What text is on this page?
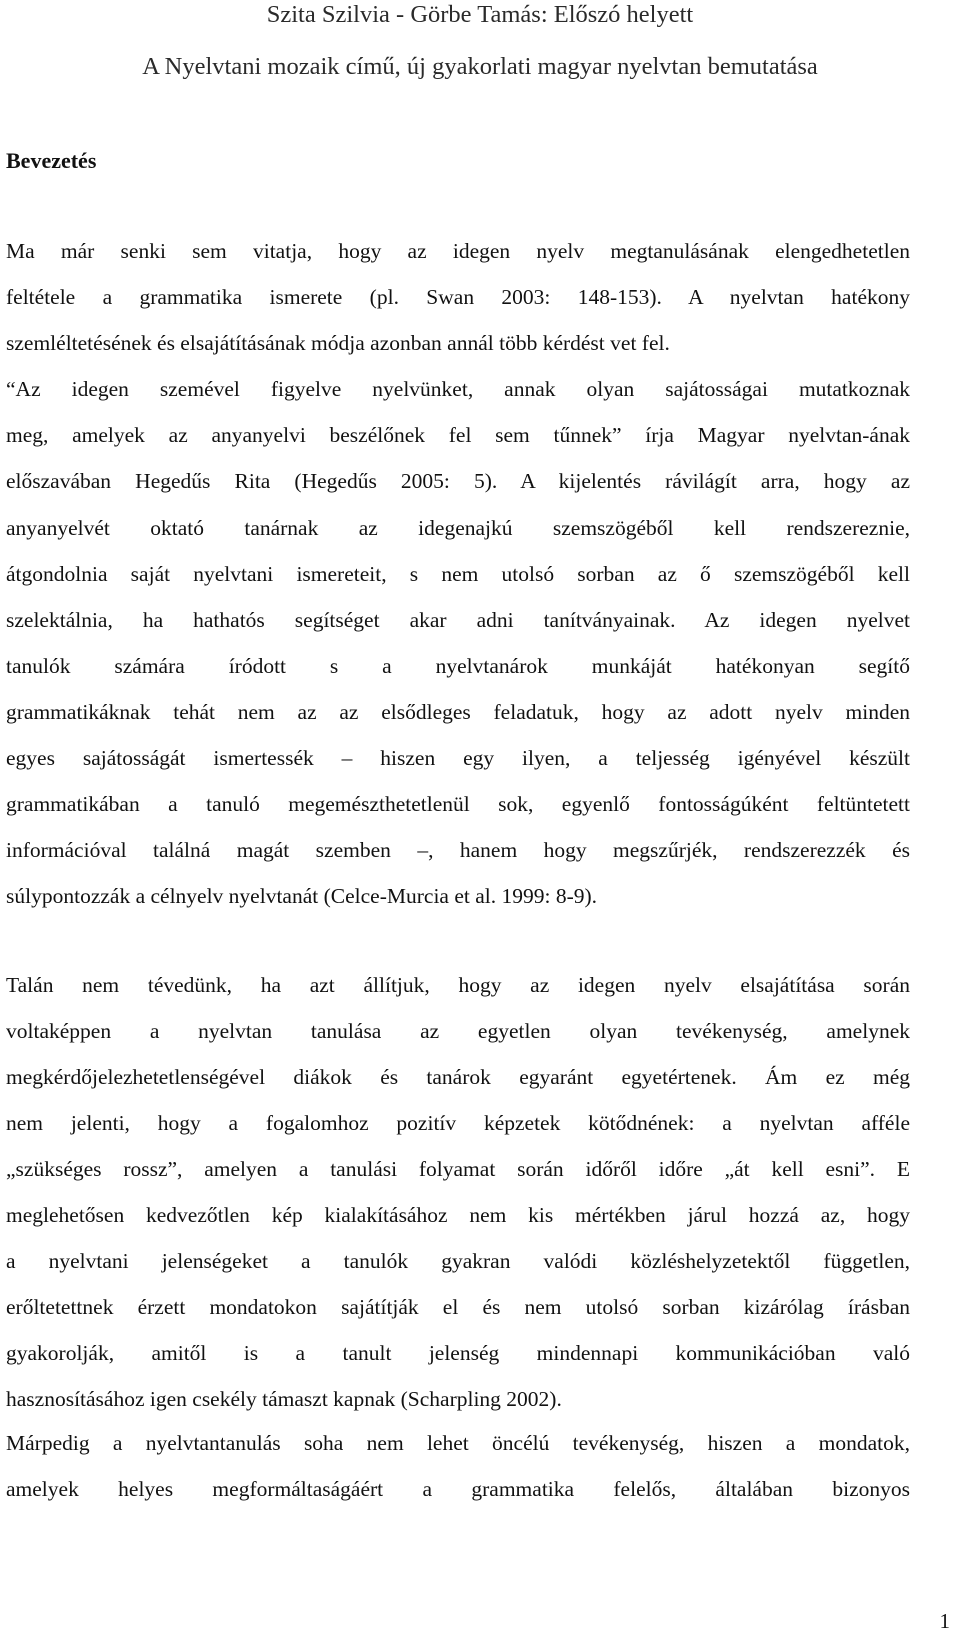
Szita Szilvia - Görbe Tamás: Előszó helyett
A Nyelvtani mozaik című, új gyakorlati magyar nyelvtan bemutatása
Bevezetés
Ma már senki sem vitatja, hogy az idegen nyelv megtanulásának elengedhetetlen
feltétele a grammatika ismerete (pl. Swan 2003: 148-153). A nyelvtan hatékony
szemléltetésének és elsajátításának módja azonban annál több kérdést vet fel.
“Az idegen szemével figyelve nyelvünket, annak olyan sajátosságai mutatkoznak
meg, amelyek az anyanyelvi beszélőnek fel sem tűnnek” írja Magyar nyelvtan-ának
előszavában Hegedűs Rita (Hegedűs 2005: 5). A kijelentés rávilágít arra, hogy az
anyanyelvét oktató tanárnak az idegenajkú szemszögéből kell rendszereznie,
átgondolnia saját nyelvtani ismereteit, s nem utolsó sorban az ő szemszögéből kell
szelektálnia, ha hathatós segítséget akar adni tanítványainak. Az idegen nyelvet
tanulók számára íródott s a nyelvtanárok munkáját hatékonyan segítő
grammatikáknak tehát nem az az elsődleges feladatuk, hogy az adott nyelv minden
egyes sajátosságát ismertessék – hiszen egy ilyen, a teljesség igényével készült
grammatikában a tanuló megemészthetetlenül sok, egyenlő fontosságúként feltüntetett
információval találná magát szemben –, hanem hogy megszűrjék, rendszerezzék és
súlypontozzák a célnyelv nyelvtanát (Celce-Murcia et al. 1999: 8-9).
Talán nem tévedünk, ha azt állítjuk, hogy az idegen nyelv elsajátítása során
voltaképpen a nyelvtan tanulása az egyetlen olyan tevékenység, amelynek
megkérdőjelezhetetlenségével diákok és tanárok egyaránt egyetértenek. Ám ez még
nem jelenti, hogy a fogalomhoz pozitív képzetek kötődnének: a nyelvtan afféle
„szükséges rossz”, amelyen a tanulási folyamat során időről időre „át kell esni”. E
meglehetősen kedvezőtlen kép kialakításához nem kis mértékben járul hozzá az, hogy
a nyelvtani jelenségeket a tanulók gyakran valódi közléshelyzetektől független,
erőltetettnek érzett mondatokon sajátítják el és nem utolsó sorban kizárólag írásban
gyakorolják, amitől is a tanult jelenség mindennapi kommunikációban való
hasznosításához igen csekély támaszt kapnak (Scharpling 2002).
Márpedig a nyelvtantanulás soha nem lehet öncélú tevékenység, hiszen a mondatok,
amelyek helyes megformáltaságáért a grammatika felelős, általában bizonyos
1
